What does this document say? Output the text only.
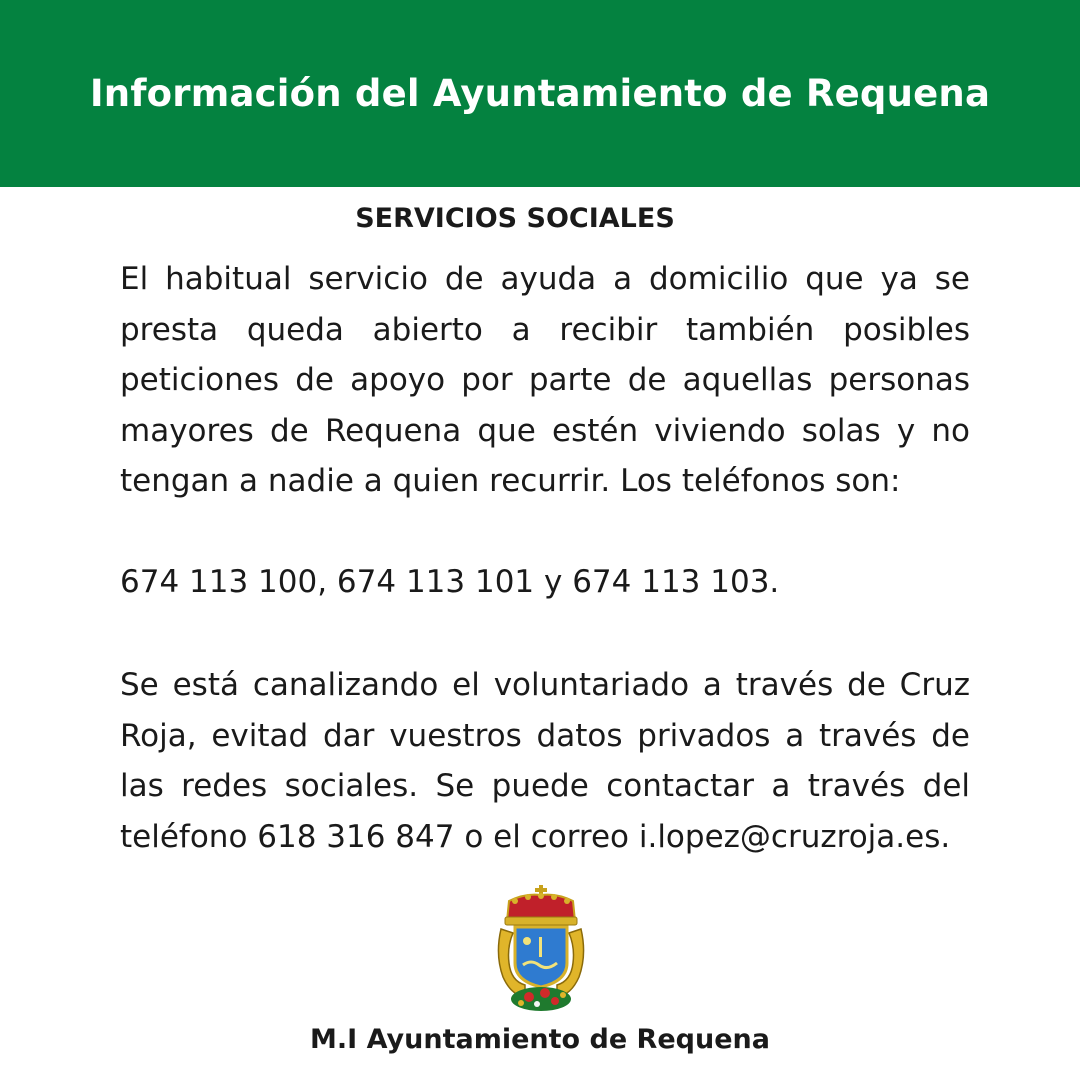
Información del Ayuntamiento de Requena
SERVICIOS SOCIALES

El habitual servicio de ayuda a domicilio que ya se presta queda abierto a recibir también posibles peticiones de apoyo por parte de aquellas personas mayores de Requena que estén viviendo solas y no tengan a nadie a quien recurrir. Los teléfonos son:

674 113 100, 674 113 101 y 674 113 103.

Se está canalizando el voluntariado a través de Cruz Roja, evitad dar vuestros datos privados a través de las redes sociales. Se puede contactar a través del teléfono 618 316 847 o el correo i.lopez@cruzroja.es.

M.I Ayuntamiento de Requena
